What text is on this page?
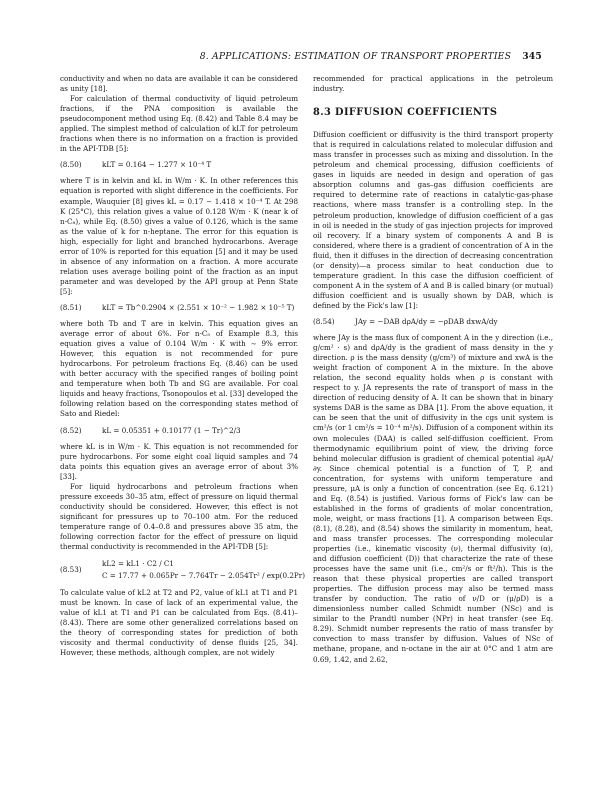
8. APPLICATIONS: ESTIMATION OF TRANSPORT PROPERTIES 345

conductivity and when no data are available it can be considered as unity [18].

For calculation of thermal conductivity of liquid petroleum fractions, if the PNA composition is available the pseudocomponent method using Eq. (8.42) and Table 8.4 may be applied. The simplest method of calculation of kLT for petroleum fractions when there is no information on a fraction is provided in the API-TDB [5]:

(8.50)	kLT = 0.164 − 1.277 × 10⁻⁴ T

where T is in kelvin and kL in W/m · K. In other references this equation is reported with slight difference in the coefficients. For example, Wauquier [8] gives kL = 0.17 − 1.418 × 10⁻⁴ T. At 298 K (25°C), this relation gives a value of 0.128 W/m · K (near k of n-C₈), while Eq. (8.50) gives a value of 0.126, which is the same as the value of k for n-heptane. The error for this equation is high, especially for light and branched hydrocarbons. Average error of 10% is reported for this equation [5] and it may be used in absence of any information on a fraction. A more accurate relation uses average boiling point of the fraction as an input parameter and was developed by the API group at Penn State [5]:

(8.51)	kLT = Tb^0.2904 × (2.551 × 10⁻² − 1.982 × 10⁻⁵ T)

where both Tb and T are in kelvin. This equation gives an average error of about 6%. For n-C₅ of Example 8.3, this equation gives a value of 0.104 W/m · K with ∼ 9% error. However, this equation is not recommended for pure hydrocarbons. For petroleum fractions Eq. (8.46) can be used with better accuracy with the specified ranges of boiling point and temperature when both Tb and SG are available. For coal liquids and heavy fractions, Tsonopoulos et al. [33] developed the following relation based on the corresponding states method of Sato and Riedel:

(8.52)	kL = 0.05351 + 0.10177 (1 − Tr)^2/3

where kL is in W/m · K. This equation is not recommended for pure hydrocarbons. For some eight coal liquid samples and 74 data points this equation gives an average error of about 3% [33].

For liquid hydrocarbons and petroleum fractions when pressure exceeds 30–35 atm, effect of pressure on liquid thermal conductivity should be considered. However, this effect is not significant for pressures up to 70–100 atm. For the reduced temperature range of 0.4–0.8 and pressures above 35 atm, the following correction factor for the effect of pressure on liquid thermal conductivity is recommended in the API-TDB [5]:

(8.53)
kL2 = kL1 · C2 / C1
C = 17.77 + 0.065Pr − 7.764Tr − 2.054Tr² / exp(0.2Pr)

To calculate value of kL2 at T2 and P2, value of kL1 at T1 and P1 must be known. In case of lack of an experimental value, the value of kL1 at T1 and P1 can be calculated from Eqs. (8.41)–(8.43). There are some other generalized correlations based on the theory of corresponding states for prediction of both viscosity and thermal conductivity of dense fluids [25, 34]. However, these methods, although complex, are not widely

recommended for practical applications in the petroleum industry.

8.3 DIFFUSION COEFFICIENTS

Diffusion coefficient or diffusivity is the third transport property that is required in calculations related to molecular diffusion and mass transfer in processes such as mixing and dissolution. In the petroleum and chemical processing, diffusion coefficients of gases in liquids are needed in design and operation of gas absorption columns and gas–gas diffusion coefficients are required to determine rate of reactions in catalytic-gas-phase reactions, where mass transfer is a controlling step. In the petroleum production, knowledge of diffusion coefficient of a gas in oil is needed in the study of gas injection projects for improved oil recovery. If a binary system of components A and B is considered, where there is a gradient of concentration of A in the fluid, then it diffuses in the direction of decreasing concentration (or density)—a process similar to heat conduction due to temperature gradient. In this case the diffusion coefficient of component A in the system of A and B is called binary (or mutual) diffusion coefficient and is usually shown by DAB, which is defined by the Fick's law [1]:

(8.54)	JAy = −DAB dρA/dy = −ρDAB dxwA/dy

where JAy is the mass flux of component A in the y direction (i.e., g/cm² · s) and dρA/dy is the gradient of mass density in the y direction. ρ is the mass density (g/cm³) of mixture and xwA is the weight fraction of component A in the mixture. In the above relation, the second equality holds when ρ is constant with respect to y. JA represents the rate of transport of mass in the direction of reducing density of A. It can be shown that in binary systems DAB is the same as DBA [1]. From the above equation, it can be seen that the unit of diffusivity in the cgs unit system is cm²/s (or 1 cm²/s = 10⁻⁴ m²/s). Diffusion of a component within its own molecules (DAA) is called self-diffusion coefficient. From thermodynamic equilibrium point of view, the driving force behind molecular diffusion is gradient of chemical potential ∂μA/∂y. Since chemical potential is a function of T, P, and concentration, for systems with uniform temperature and pressure, μA is only a function of concentration (see Eq. 6.121) and Eq. (8.54) is justified. Various forms of Fick's law can be established in the forms of gradients of molar concentration, mole, weight, or mass fractions [1]. A comparison between Eqs. (8.1), (8.28), and (8.54) shows the similarity in momentum, heat, and mass transfer processes. The corresponding molecular properties (i.e., kinematic viscosity (ν), thermal diffusivity (α), and diffusion coefficient (D)) that characterize the rate of these processes have the same unit (i.e., cm²/s or ft²/h). This is the reason that these physical properties are called transport properties. The diffusion process may also be termed mass transfer by conduction. The ratio of ν/D or (μ/ρD) is a dimensionless number called Schmidt number (NSc) and is similar to the Prandtl number (NPr) in heat transfer (see Eq. 8.29). Schmidt number represents the ratio of mass transfer by convection to mass transfer by diffusion. Values of NSc of methane, propane, and n-octane in the air at 0°C and 1 atm are 0.69, 1.42, and 2.62,
